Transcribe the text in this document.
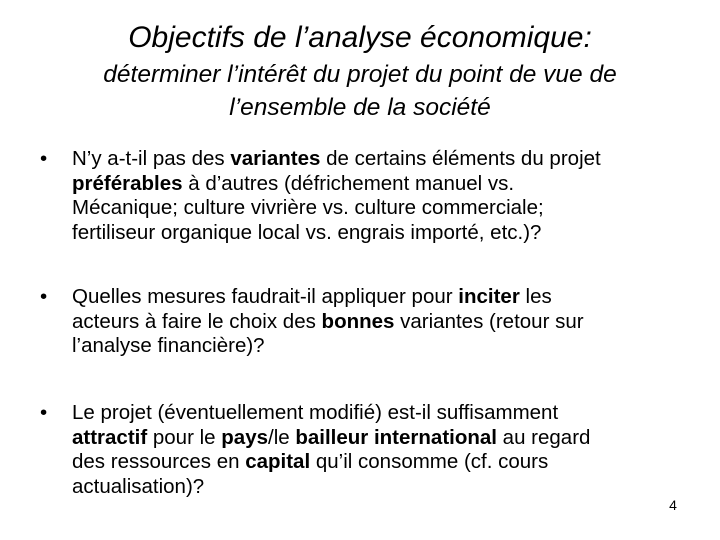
Objectifs de l’analyse économique:
déterminer l’intérêt du projet du point de vue de
l’ensemble de la société
•	N’y a-t-il pas des variantes de certains éléments du projet
préférables à d’autres (défrichement manuel vs.
Mécanique; culture vivrière vs. culture commerciale;
fertiliseur organique local vs. engrais importé, etc.)?
•	Quelles mesures faudrait-il appliquer pour inciter les
acteurs à faire le choix des bonnes variantes (retour sur
l’analyse financière)?
•	Le projet (éventuellement modifié) est-il suffisamment
attractif pour le pays/le bailleur international au regard
des ressources en capital qu’il consomme (cf. cours
actualisation)?
4
